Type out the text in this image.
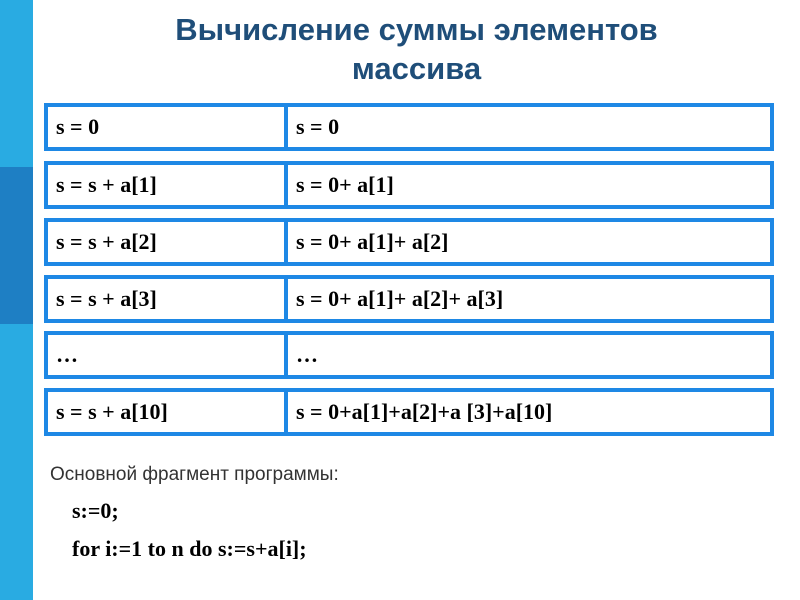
Вычисление суммы элементов
массива
s = 0	s = 0
s = s + a[1]	s = 0+ a[1]
s = s + a[2]	s = 0+ a[1]+ a[2]
s = s + a[3]	s = 0+ a[1]+ a[2]+ a[3]
…	…
s = s + a[10]	s = 0+a[1]+a[2]+a [3]+a[10]
Основной фрагмент программы:
s:=0;
for i:=1 to n do s:=s+a[i];
